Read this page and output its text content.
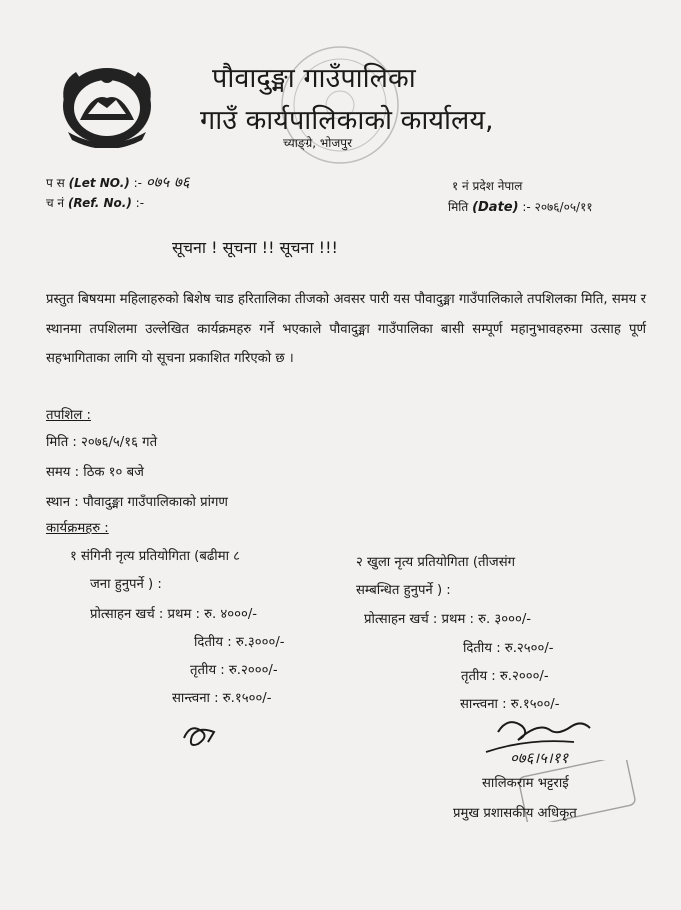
पौवादुङ्मा गाउँपालिका
गाउँ कार्यपालिकाको कार्यालय,
च्याङ्ग्रे, भोजपुर
प स (Let NO.) :- ०७५ ७६
च नं (Ref. No.) :-
१ नं प्रदेश नेपाल
मिति (Date) :- २०७६/०५/११
सूचना ! सूचना !! सूचना !!!
प्रस्तुत बिषयमा महिलाहरुको बिशेष चाड हरितालिका तीजको अवसर पारी यस पौवादुङ्मा गाउँपालिकाले तपशिलका मिति, समय र स्थानमा तपशिलमा उल्लेखित कार्यक्रमहरु गर्ने भएकाले पौवादुङ्मा गाउँपालिका बासी सम्पूर्ण महानुभावहरुमा उत्साह पूर्ण सहभागिताका लागि यो सूचना प्रकाशित गरिएको छ ।
तपशिल :
मिति : २०७६/५/१६ गते
समय : ठिक १० बजे
स्थान : पौवादुङ्मा गाउँपालिकाको प्रांगण
कार्यक्रमहरु :
१ संगिनी नृत्य प्रतियोगिता (बढीमा ८
जना हुनुपर्ने ) :
प्रोत्साहन खर्च : प्रथम : रु. ४०००/-
दितीय : रु.३०००/-
तृतीय : रु.२०००/-
सान्त्वना : रु.१५००/-
२ खुला नृत्य प्रतियोगिता (तीजसंग
सम्बन्धित हुनुपर्ने ) :
प्रोत्साहन खर्च : प्रथम : रु. ३०००/-
दितीय : रु.२५००/-
तृतीय : रु.२०००/-
सान्त्वना : रु.१५००/-
०७६।५।११
सालिकराम भट्टराई
प्रमुख प्रशासकीय अधिकृत
